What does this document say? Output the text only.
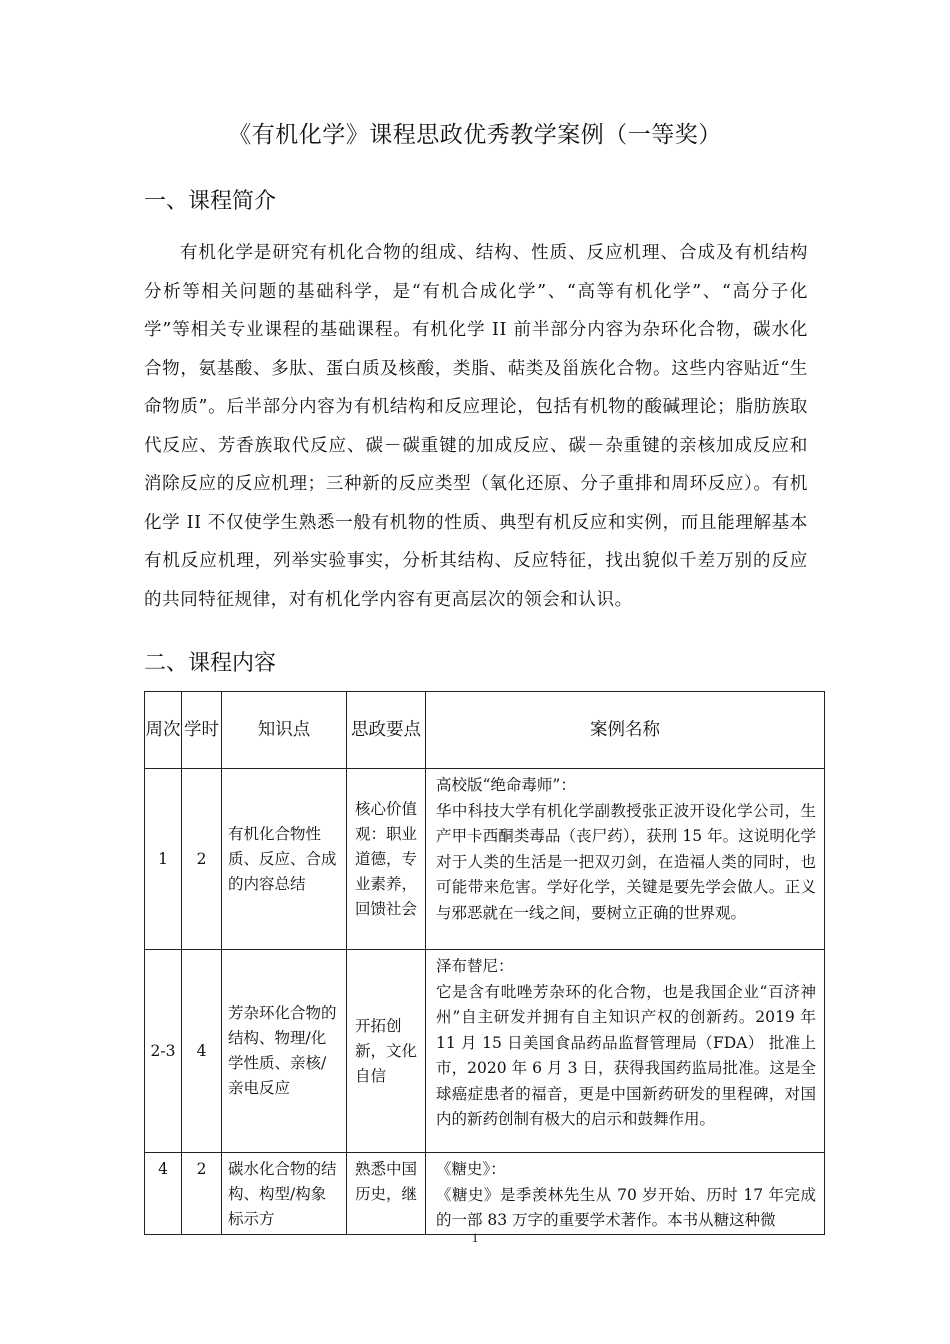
《有机化学》课程思政优秀教学案例（一等奖）
一、课程简介

有机化学是研究有机化合物的组成、结构、性质、反应机理、合成及有机结构分析等相关问题的基础科学，是“有机合成化学”、“高等有机化学”、“高分子化学”等相关专业课程的基础课程。有机化学 II 前半部分内容为杂环化合物，碳水化合物，氨基酸、多肽、蛋白质及核酸，类脂、萜类及甾族化合物。这些内容贴近“生命物质”。后半部分内容为有机结构和反应理论，包括有机物的酸碱理论；脂肪族取代反应、芳香族取代反应、碳－碳重键的加成反应、碳－杂重键的亲核加成反应和消除反应的反应机理；三种新的反应类型（氧化还原、分子重排和周环反应）。有机化学 II 不仅使学生熟悉一般有机物的性质、典型有机反应和实例，而且能理解基本有机反应机理，列举实验事实，分析其结构、反应特征，找出貌似千差万别的反应的共同特征规律，对有机化学内容有更高层次的领会和认识。

二、课程内容
周次	学时	知识点	思政要点	案例名称
1	2	有机化合物性质、反应、合成的内容总结	核心价值观：职业道德，专业素养，回馈社会	高校版“绝命毒师”：
华中科技大学有机化学副教授张正波开设化学公司，生产甲卡西酮类毒品（丧尸药），获刑 15 年。这说明化学对于人类的生活是一把双刃剑，在造福人类的同时，也可能带来危害。学好化学，关键是要先学会做人。正义与邪恶就在一线之间，要树立正确的世界观。

2-3	4	芳杂环化合物的结构、物理/化学性质、亲核/亲电反应	开拓创新，文化自信	泽布替尼：
它是含有吡唑芳杂环的化合物，也是我国企业“百济神州”自主研发并拥有自主知识产权的创新药。2019 年 11 月 15 日美国食品药品监督管理局（FDA） 批准上市，2020 年 6 月 3 日，获得我国药监局批准。这是全球癌症患者的福音，更是中国新药研发的里程碑，对国内的新药创制有极大的启示和鼓舞作用。

4	2	碳水化合物的结构、构型/构象标示方	熟悉中国历史，继	《糖史》：
《糖史》是季羡林先生从 70 岁开始、历时 17 年完成的一部 83 万字的重要学术著作。本书从糖这种微
1
